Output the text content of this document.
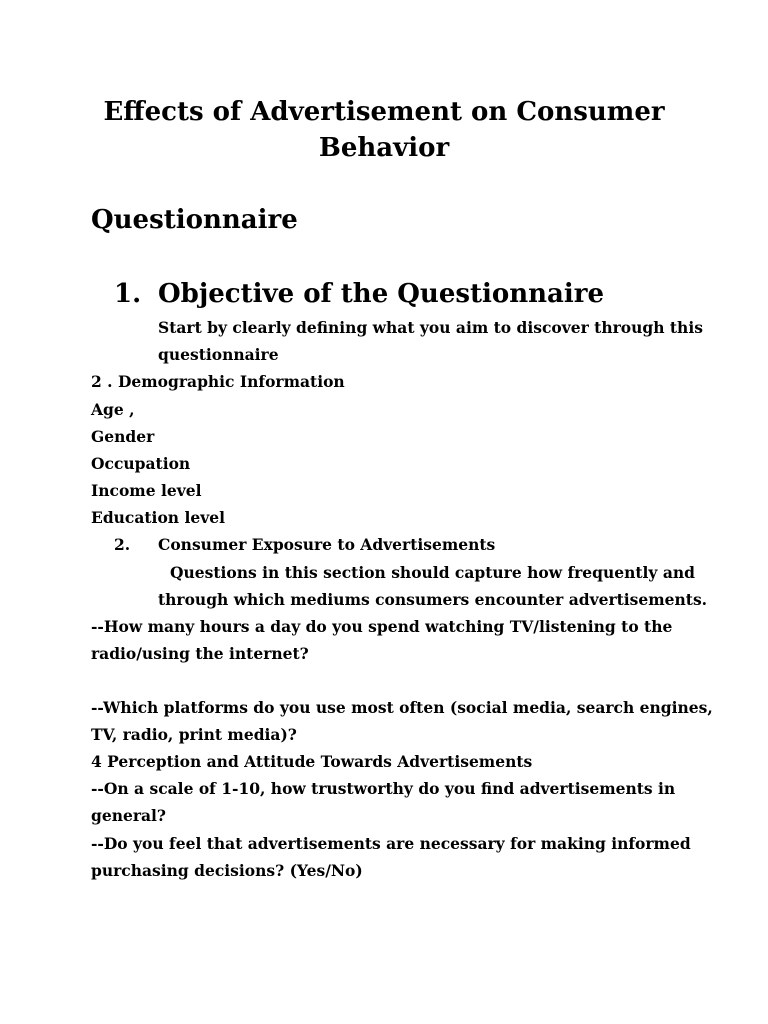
Effects of Advertisement on Consumer
Behavior
Questionnaire
1. Objective of the Questionnaire
Start by clearly defining what you aim to discover through this
questionnaire
2 . Demographic Information
Age ,
Gender
Occupation
Income level
Education level
2. Consumer Exposure to Advertisements
Questions in this section should capture how frequently and
through which mediums consumers encounter advertisements.
--How many hours a day do you spend watching TV/listening to the
radio/using the internet?
--Which platforms do you use most often (social media, search engines,
TV, radio, print media)?
4 Perception and Attitude Towards Advertisements
--On a scale of 1-10, how trustworthy do you find advertisements in
general?
--Do you feel that advertisements are necessary for making informed
purchasing decisions? (Yes/No)
